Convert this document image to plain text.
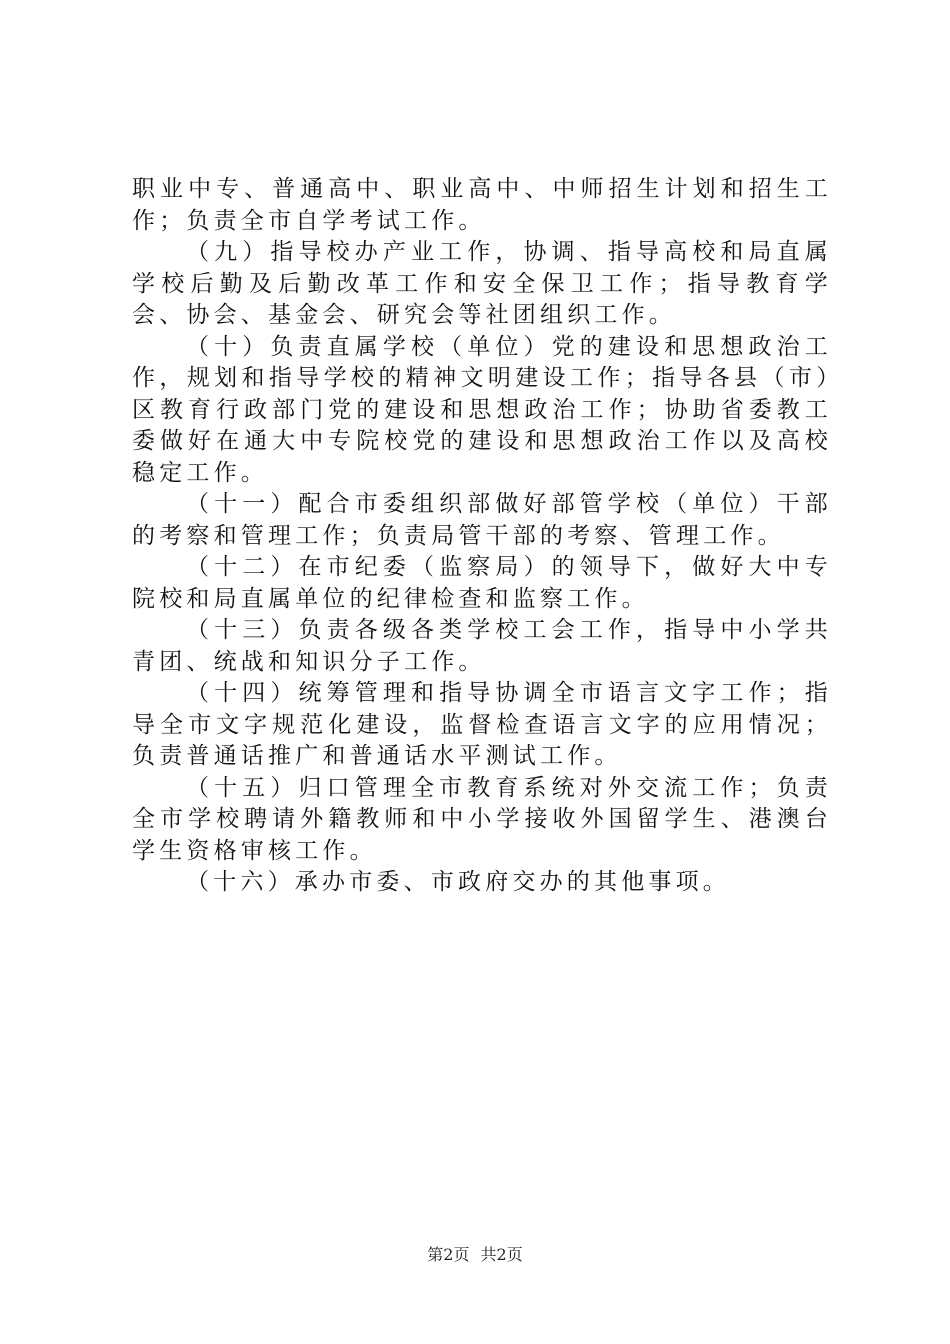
职业中专、普通高中、职业高中、中师招生计划和招生工作；负责全市自学考试工作。

（九）指导校办产业工作，协调、指导高校和局直属学校后勤及后勤改革工作和安全保卫工作；指导教育学会、协会、基金会、研究会等社团组织工作。

（十）负责直属学校（单位）党的建设和思想政治工作，规划和指导学校的精神文明建设工作；指导各县（市）区教育行政部门党的建设和思想政治工作；协助省委教工委做好在通大中专院校党的建设和思想政治工作以及高校稳定工作。

（十一）配合市委组织部做好部管学校（单位）干部的考察和管理工作；负责局管干部的考察、管理工作。

（十二）在市纪委（监察局）的领导下，做好大中专院校和局直属单位的纪律检查和监察工作。

（十三）负责各级各类学校工会工作，指导中小学共青团、统战和知识分子工作。

（十四）统筹管理和指导协调全市语言文字工作；指导全市文字规范化建设，监督检查语言文字的应用情况；负责普通话推广和普通话水平测试工作。

（十五）归口管理全市教育系统对外交流工作；负责全市学校聘请外籍教师和中小学接收外国留学生、港澳台学生资格审核工作。

（十六）承办市委、市政府交办的其他事项。

第2页 共2页
